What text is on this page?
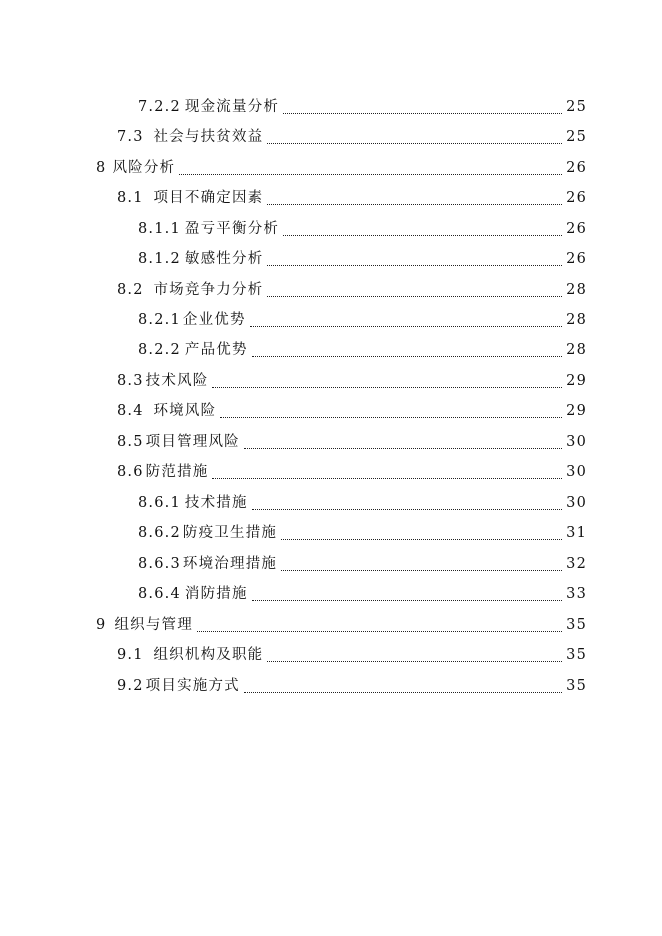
7.2.2 现金流量分析	25
7.3 社会与扶贫效益	25
8 风险分析	26
8.1 项目不确定因素	26
8.1.1 盈亏平衡分析	26
8.1.2 敏感性分析	26
8.2 市场竞争力分析	28
8.2.1 企业优势	28
8.2.2 产品优势	28
8.3 技术风险	29
8.4 环境风险	29
8.5 项目管理风险	30
8.6 防范措施	30
8.6.1 技术措施	30
8.6.2 防疫卫生措施	31
8.6.3 环境治理措施	32
8.6.4 消防措施	33
9 组织与管理	35
9.1 组织机构及职能	35
9.2 项目实施方式	35
